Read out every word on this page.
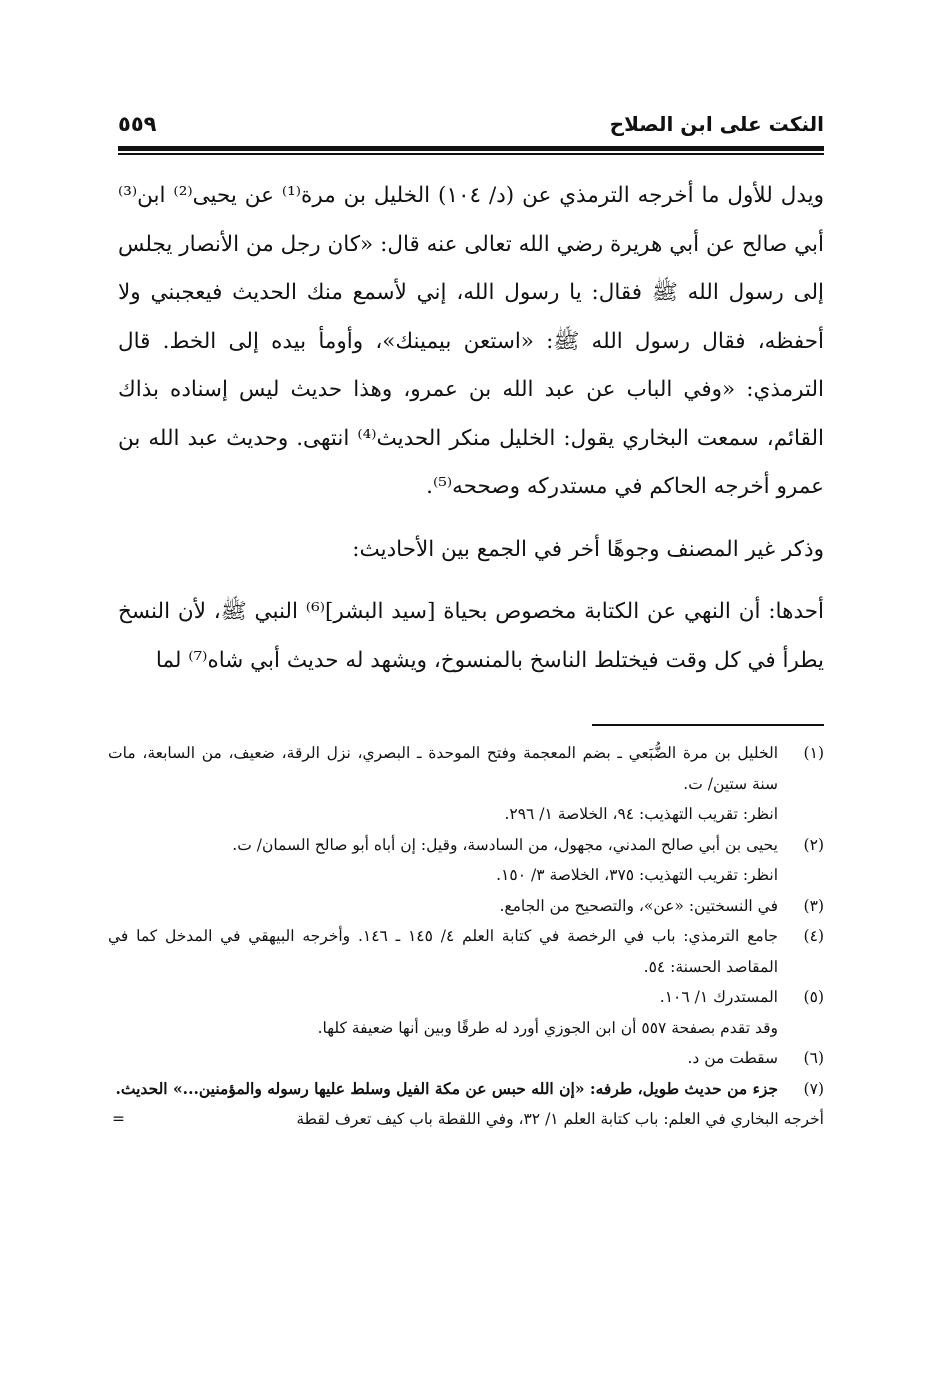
النكت على ابن الصلاح
٥٥٩

ويدل للأول ما أخرجه الترمذي عن (د/ ١٠٤) الخليل بن مرة⁽¹⁾ عن يحيى⁽²⁾ ابن⁽³⁾ أبي صالح عن أبي هريرة رضي الله تعالى عنه قال: «كان رجل من الأنصار يجلس إلى رسول الله ﷺ فقال: يا رسول الله، إني لأسمع منك الحديث فيعجبني ولا أحفظه، فقال رسول الله ﷺ: «استعن بيمينك»، وأومأ بيده إلى الخط. قال الترمذي: «وفي الباب عن عبد الله بن عمرو، وهذا حديث ليس إسناده بذاك القائم، سمعت البخاري يقول: الخليل منكر الحديث⁽⁴⁾ انتهى. وحديث عبد الله بن عمرو أخرجه الحاكم في مستدركه وصححه⁽⁵⁾.

وذكر غير المصنف وجوهًا أخر في الجمع بين الأحاديث:

أحدها: أن النهي عن الكتابة مخصوص بحياة [سيد البشر]⁽⁶⁾ النبي ﷺ، لأن النسخ يطرأ في كل وقت فيختلط الناسخ بالمنسوخ، ويشهد له حديث أبي شاه⁽⁷⁾ لما

(١)
الخليل بن مرة الضُّبَعي ـ بضم المعجمة وفتح الموحدة ـ البصري، نزل الرقة، ضعيف، من السابعة، مات سنة ستين/ ت.
انظر: تقريب التهذيب: ٩٤، الخلاصة ١/ ٢٩٦.
(٢)
يحيى بن أبي صالح المدني، مجهول، من السادسة، وقيل: إن أباه أبو صالح السمان/ ت.
انظر: تقريب التهذيب: ٣٧٥، الخلاصة ٣/ ١٥٠.
(٣)
في النسختين: «عن»، والتصحيح من الجامع.
(٤)
جامع الترمذي: باب في الرخصة في كتابة العلم ٤/ ١٤٥ ـ ١٤٦. وأخرجه البيهقي في المدخل كما في المقاصد الحسنة: ٥٤.
(٥)
المستدرك ١/ ١٠٦.
وقد تقدم بصفحة ٥٥٧ أن ابن الجوزي أورد له طرقًا وبين أنها ضعيفة كلها.
(٦)
سقطت من د.
(٧)
جزء من حديث طويل، طرفه: «إن الله حبس عن مكة الفيل وسلط عليها رسوله والمؤمنين...» الحديث.
أخرجه البخاري في العلم: باب كتابة العلم ١/ ٣٢، وفي اللقطة باب كيف تعرف لقطة
=
